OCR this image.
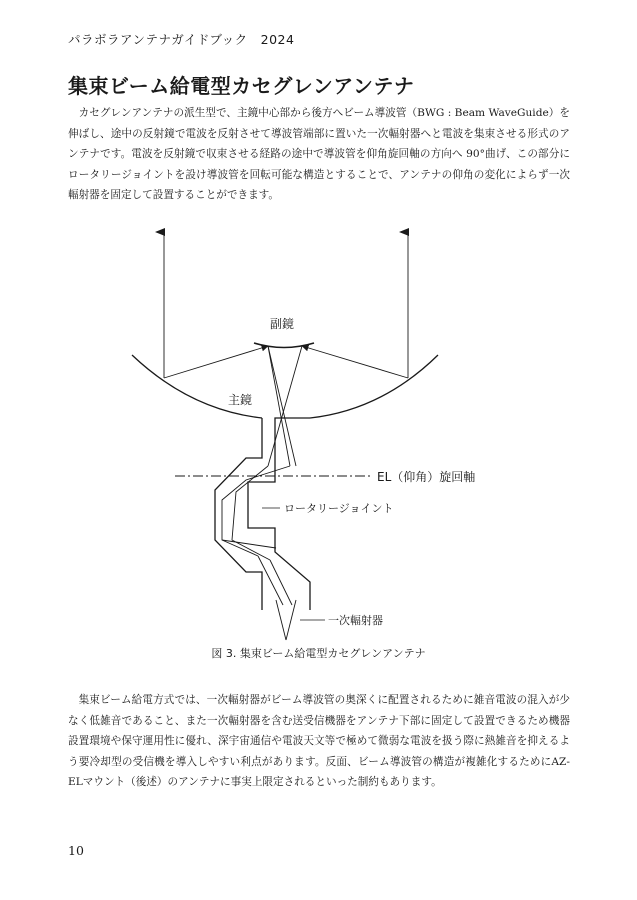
パラボラアンテナガイドブック　2024
集束ビーム給電型カセグレンアンテナ

カセグレンアンテナの派生型で、主鏡中心部から後方へビーム導波管（BWG : Beam WaveGuide）を伸ばし、途中の反射鏡で電波を反射させて導波管端部に置いた一次輻射器へと電波を集束させる形式のアンテナです。電波を反射鏡で収束させる経路の途中で導波管を仰角旋回軸の方向へ 90°曲げ、この部分にロータリージョイントを設け導波管を回転可能な構造とすることで、アンテナの仰角の変化によらず一次輻射器を固定して設置することができます。

副鏡
主鏡
EL（仰角）旋回軸
ロータリージョイント
一次輻射器
図 3. 集束ビーム給電型カセグレンアンテナ

集束ビーム給電方式では、一次輻射器がビーム導波管の奥深くに配置されるために雑音電波の混入が少なく低雑音であること、また一次輻射器を含む送受信機器をアンテナ下部に固定して設置できるため機器設置環境や保守運用性に優れ、深宇宙通信や電波天文等で極めて微弱な電波を扱う際に熱雑音を抑えるよう要冷却型の受信機を導入しやすい利点があります。反面、ビーム導波管の構造が複雑化するためにAZ-ELマウント（後述）のアンテナに事実上限定されるといった制約もあります。

10
